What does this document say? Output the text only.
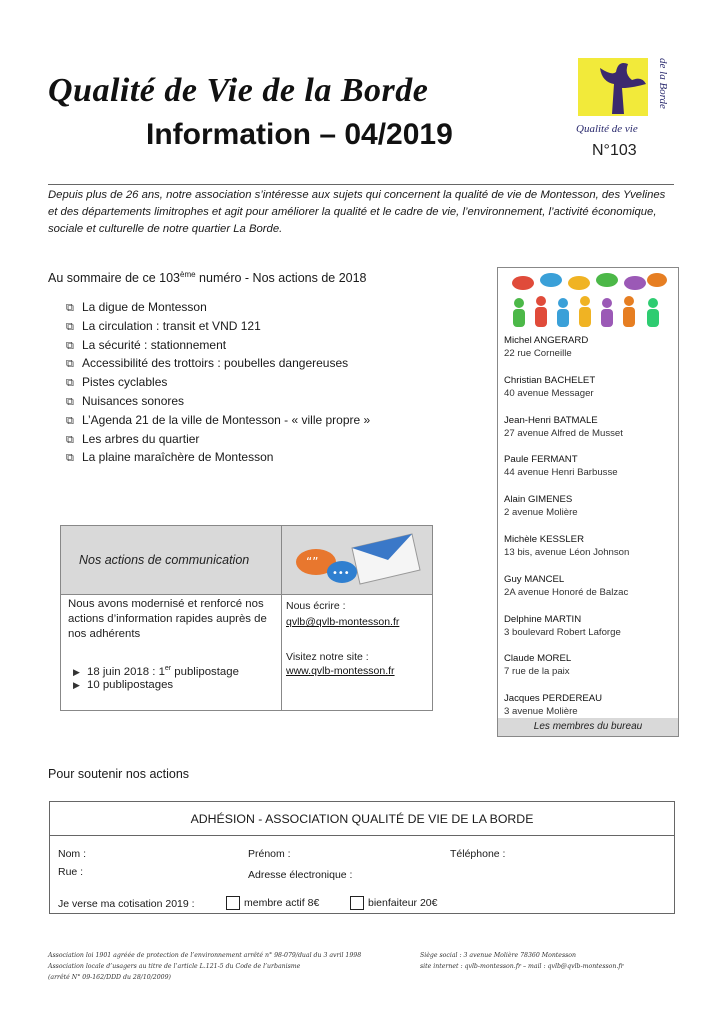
Qualité de Vie de la Borde
Information – 04/2019	Qualité de vie
de la Borde
N°103
Depuis plus de 26 ans, notre association s’intéresse aux sujets qui concernent la qualité de vie de Montesson, des Yvelines et des départements limitrophes et agit pour améliorer la qualité et le cadre de vie, l’environnement, l’activité économique, sociale et culturelle de notre quartier La Borde.
Au sommaire de ce 103ème numéro - Nos actions de 2018
⧉ La digue de Montesson
⧉ La circulation : transit et VND 121
⧉ La sécurité : stationnement
⧉ Accessibilité des trottoirs : poubelles dangereuses
⧉ Pistes cyclables
⧉ Nuisances sonores
⧉ L’Agenda 21 de la ville de Montesson - « ville propre »
⧉ Les arbres du quartier
⧉ La plaine maraîchère de Montesson
Michel ANGERARD
22 rue Corneille
Christian BACHELET
40 avenue Messager
Jean-Henri BATMALE
27 avenue Alfred de Musset
Paule FERMANT
44 avenue Henri Barbusse
Alain GIMENES
2 avenue Molière
Michèle KESSLER
13 bis, avenue Léon Johnson
Guy MANCEL
2A avenue Honoré de Balzac
Delphine MARTIN
3 boulevard Robert Laforge
Claude MOREL
7 rue de la paix
Jacques PERDEREAU
3 avenue Molière
Les membres du bureau
Nos actions de communication	“”
•••
Nous avons modernisé et renforcé nos actions d’information rapides auprès de nos adhérents
▶ 18 juin 2018 : 1er publipostage
▶ 10 publipostages
Nous écrire :
qvlb@qvlb-montesson.fr
Visitez notre site :
www.qvlb-montesson.fr
Pour soutenir nos actions
ADHÉSION - ASSOCIATION QUALITÉ DE VIE DE LA BORDE
Nom :	Prénom :	Téléphone :
Rue :	Adresse électronique :
Je verse ma cotisation 2019 :	membre actif 8€	bienfaiteur 20€
Association loi 1901 agréée de protection de l’environnement arrêté n° 98-079/dual du 3 avril 1998
Association locale d’usagers au titre de l’article L.121-5 du Code de l’urbanisme
(arrêté N° 09-162/DDD du 28/10/2009)
Siège social : 3 avenue Molière 78360 Montesson
site internet : qvlb-montesson.fr – mail : qvlb@qvlb-montesson.fr
